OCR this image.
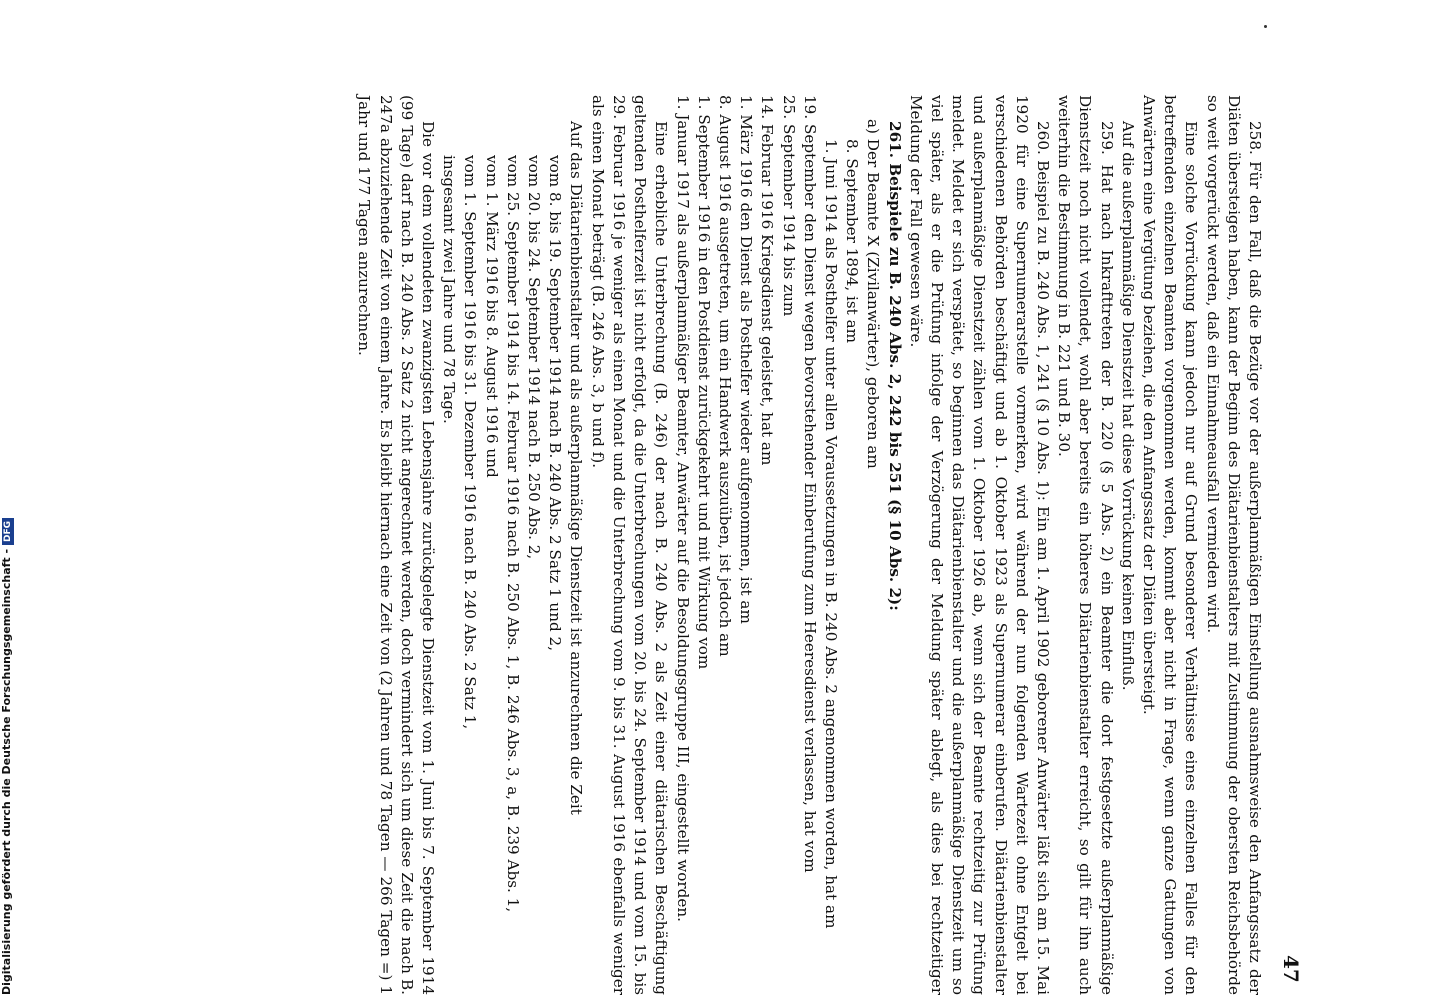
47

258. Für den Fall, daß die Bezüge vor der außerplanmäßigen Einstellung ausnahmsweise den Anfangssatz der Diäten übersteigen haben, kann der Beginn des Diätarienbienstalters mit Zustimmung der obersten Reichsbehörde so weit vorgerückt werden, daß ein Einnahmeausfall vermieden wird.

Eine solche Vorrückung kann jedoch nur auf Grund besonderer Verhältnisse eines einzelnen Falles für den betreffenden einzelnen Beamten vorgenommen werden, kommt aber nicht in Frage, wenn ganze Gattungen von Anwärtern eine Vergütung beziehen, die den Anfangssatz der Diäten übersteigt.

Auf die außerplanmäßige Dienstzeit hat diese Vorrückung keinen Einfluß.

259. Hat nach Inkrafttreten der B. 220 (§ 5 Abs. 2) ein Beamter die dort festgesetzte außerplanmäßige Dienstzeit noch nicht vollendet, wohl aber bereits ein höheres Diätarienbienstalter erreicht, so gilt für ihn auch weiterhin die Bestimmung in B. 221 und B. 30.

260. Beispiel zu B. 240 Abs. 1, 241 (§ 10 Abs. 1): Ein am 1. April 1902 geborener Anwärter läßt sich am 15. Mai 1920 für eine Supernumerarstelle vormerken, wird während der nun folgenden Wartezeit ohne Entgelt bei verschiedenen Behörden beschäftigt und ab 1. Oktober 1923 als Supernumerar einberufen. Diätarienbienstalter und außerplanmäßige Dienstzeit zählen vom 1. Oktober 1926 ab, wenn sich der Beamte rechtzeitig zur Prüfung meldet. Meldet er sich verspätet, so beginnen das Diätarienbienstalter und die außerplanmäßige Dienstzeit um so viel später, als er die Prüfung infolge der Verzögerung der Meldung später ablegt, als dies bei rechtzeitiger Meldung der Fall gewesen wäre.

261. Beispiele zu B. 240 Abs. 2, 242 bis 251 (§ 10 Abs. 2):

a) Der Beamte X (Zivilanwärter), geboren am

8. September 1894, ist am

1. Juni 1914 als Posthelfer unter allen Voraussetzungen in B. 240 Abs. 2 angenommen worden, hat am

19. September den Dienst wegen bevorstehender Einberufung zum Heeresdienst verlassen, hat vom

25. September 1914 bis zum

14. Februar 1916 Kriegsdienst geleistet, hat am

1. März 1916 den Dienst als Posthelfer wieder aufgenommen, ist am

8. August 1916 ausgetreten, um ein Handwerk auszuüben, ist jedoch am

1. September 1916 in den Postdienst zurückgekehrt und mit Wirkung vom

1. Januar 1917 als außerplanmäßiger Beamter, Anwärter auf die Besoldungsgruppe III, eingestellt worden.

Eine erhebliche Unterbrechung (B. 246) der nach B. 240 Abs. 2 als Zeit einer diätarischen Beschäftigung geltenden Posthelferzeit ist nicht erfolgt, da die Unterbrechungen vom 20. bis 24. September 1914 und vom 15. bis 29. Februar 1916 je weniger als einen Monat und die Unterbrechung vom 9. bis 31. August 1916 ebenfalls weniger als einen Monat beträgt (B. 246 Abs. 3, b und f).

Auf das Diätarienbienstalter und als außerplanmäßige Dienstzeit ist anzurechnen die Zeit

vom 8. bis 19. September 1914 nach B. 240 Abs. 2 Satz 1 und 2,

vom 20. bis 24. September 1914 nach B. 250 Abs. 2,

vom 25. September 1914 bis 14. Februar 1916 nach B. 250 Abs. 1, B. 246 Abs. 3, a, B. 239 Abs. 1,

vom 1. März 1916 bis 8. August 1916 und

vom 1. September 1916 bis 31. Dezember 1916 nach B. 240 Abs. 2 Satz 1,

insgesamt zwei Jahre und 78 Tage.

Die vor dem vollendeten zwanzigsten Lebensjahre zurückgelegte Dienstzeit vom 1. Juni bis 7. September 1914 (99 Tage) darf nach B. 240 Abs. 2 Satz 2 nicht angerechnet werden, doch vermindert sich um diese Zeit die nach B. 247a abzuziehende Zeit von einem Jahre. Es bleibt hiernach eine Zeit von (2 Jahren und 78 Tagen — 266 Tagen =) 1 Jahr und 177 Tagen anzurechnen.

Digitalisierung gefördert durch die Deutsche Forschungsgemeinschaft -DFG
